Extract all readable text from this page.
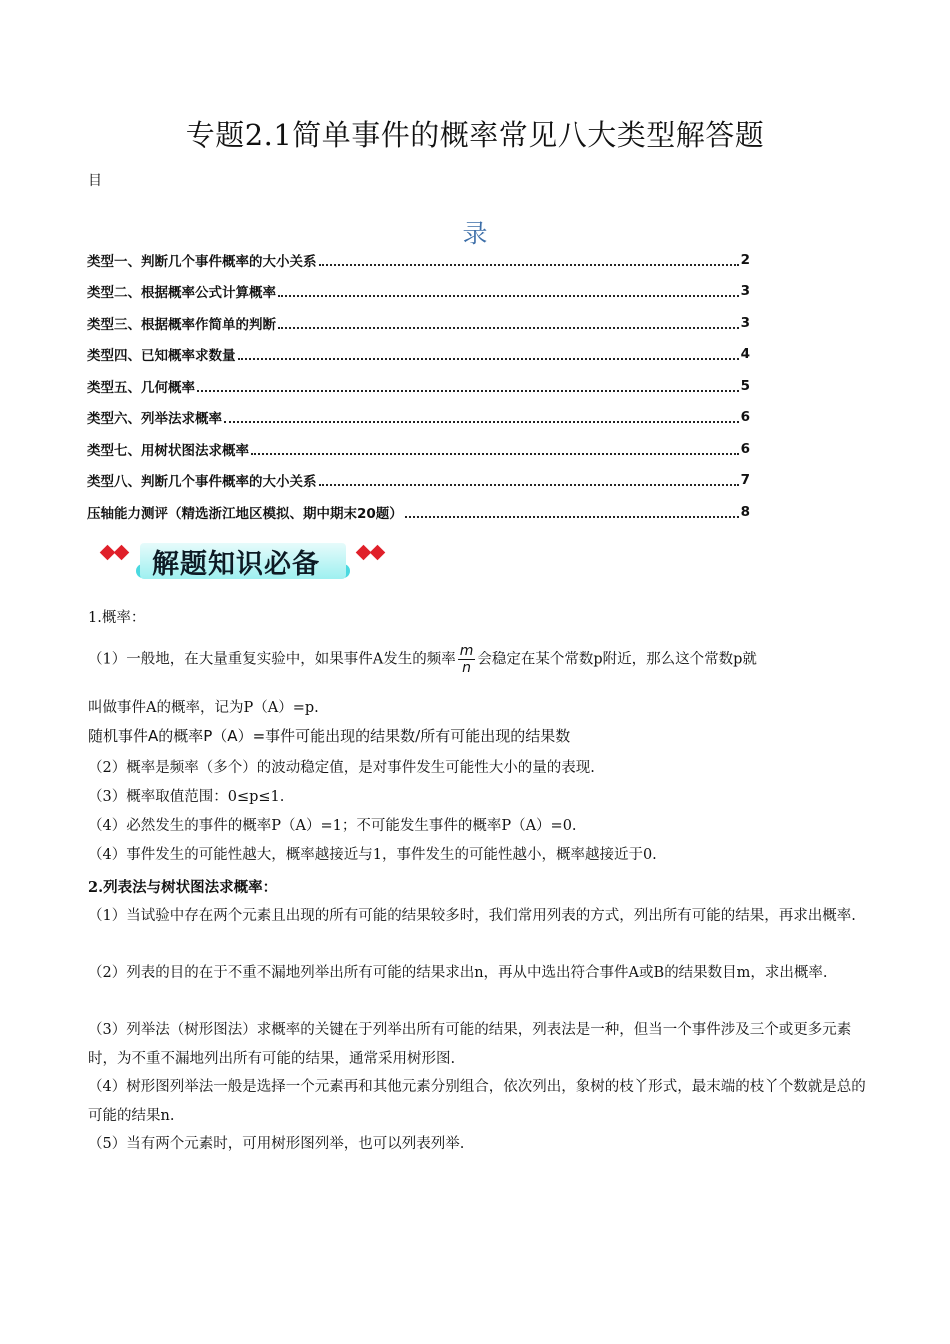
专题2.1简单事件的概率常见八大类型解答题
目
录
类型一、判断几个事件概率的大小关系	2
类型二、根据概率公式计算概率	3
类型三、根据概率作简单的判断	3
类型四、已知概率求数量	4
类型五、几何概率	5
类型六、列举法求概率	6
类型七、用树状图法求概率	6
类型八、判断几个事件概率的大小关系	7
压轴能力测评（精选浙江地区模拟、期中期末20题）	8
解题知识必备
1.概率：
（1）一般地，在大量重复实验中，如果事件A发生的频率 $\frac{m}{n}$ 会稳定在某个常数p附近，那么这个常数p就
叫做事件A的概率，记为P（A）=p.
随机事件A的概率P（A）=事件可能出现的结果数/所有可能出现的结果数
（2）概率是频率（多个）的波动稳定值，是对事件发生可能性大小的量的表现.
（3）概率取值范围：0≤p≤1.
（4）必然发生的事件的概率P（A）=1；不可能发生事件的概率P（A）=0.
（4）事件发生的可能性越大，概率越接近与1，事件发生的可能性越小，概率越接近于0.
2.列表法与树状图法求概率：
（1）当试验中存在两个元素且出现的所有可能的结果较多时，我们常用列表的方式，列出所有可能的结果，再求出概率.
（2）列表的目的在于不重不漏地列举出所有可能的结果求出n，再从中选出符合事件A或B的结果数目m，求出概率.
（3）列举法（树形图法）求概率的关键在于列举出所有可能的结果，列表法是一种，但当一个事件涉及三个或更多元素时，为不重不漏地列出所有可能的结果，通常采用树形图.
（4）树形图列举法一般是选择一个元素再和其他元素分别组合，依次列出，象树的枝丫形式，最末端的枝丫个数就是总的可能的结果n.
（5）当有两个元素时，可用树形图列举，也可以列表列举.
